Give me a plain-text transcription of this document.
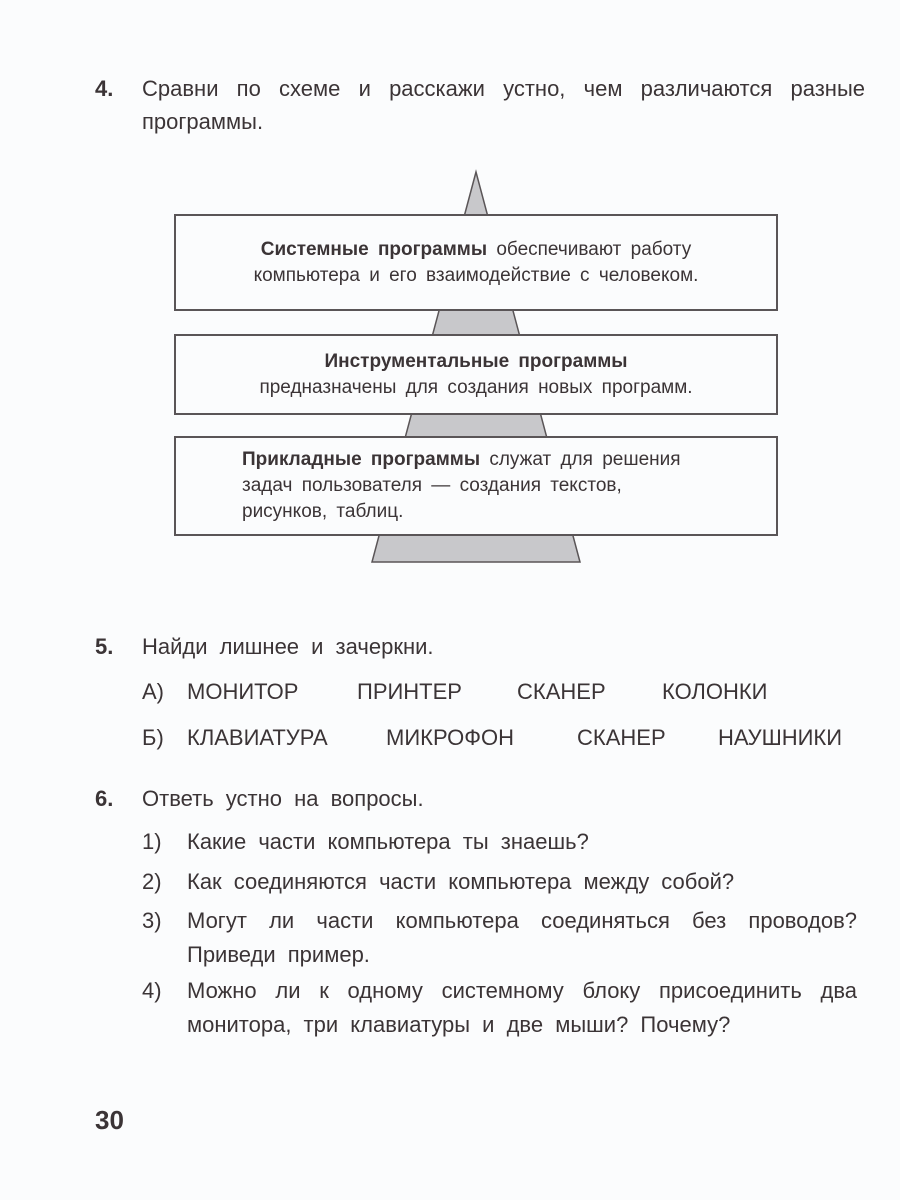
4. Сравни по схеме и расскажи устно, чем различаются разные программы.
Системные программы обеспечивают работу компьютера и его взаимодействие с человеком.
Инструментальные программы
предназначены для создания новых программ.
Прикладные программы служат для решения задач пользователя — создания текстов, рисунков, таблиц.
5. Найди лишнее и зачеркни.
А) МОНИТОР	ПРИНТЕР	СКАНЕР	КОЛОНКИ
Б) КЛАВИАТУРА	МИКРОФОН	СКАНЕР НАУШНИКИ
6. Ответь устно на вопросы.
1) Какие части компьютера ты знаешь?
2) Как соединяются части компьютера между собой?
3) Могут ли части компьютера соединяться без проводов? Приведи пример.
4) Можно ли к одному системному блоку присоединить два монитора, три клавиатуры и две мыши? Почему?
30
